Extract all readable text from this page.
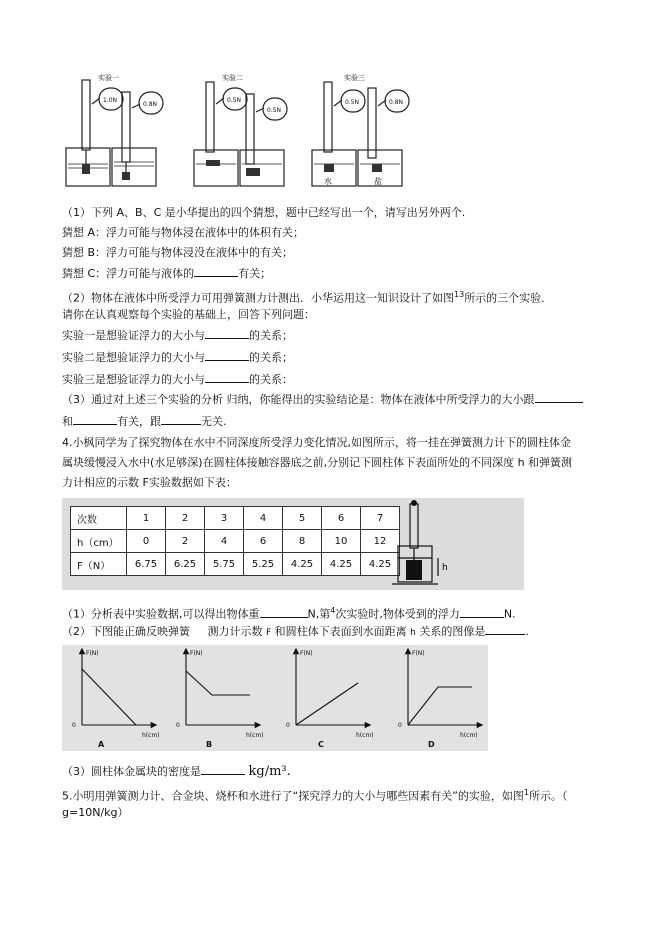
实验一	实验二	实验三
1.0N
0.8N
0.5N
0.5N
0.5N	0.8N
水	盐
（1）下列 A、B、C 是小华提出的四个猜想，题中已经写出一个，请写出另外两个.
猜想 A：浮力可能与物体浸在液体中的体积有关；
猜想 B：浮力可能与物体浸没在液体中的有关；
猜想 C：浮力可能与液体的	有关；
（2）物体在液体中所受浮力可用弹簧测力计测出．小华运用这一知识设计了如图$^{13}$所示的三个实验．
请你在认真观察每个实验的基础上，回答下列问题：
实验一是想验证浮力的大小与	的关系；
实验二是想验证浮力的大小与	的关系；
实验三是想验证浮力的大小与	的关系：
（3）通过对上述三个实验的分析 归纳，你能得出的实验结论是：物体在液体中所受浮力的大小跟
和	有关，跟	无关.
4.小枫同学为了探究物体在水中不同深度所受浮力变化情况,如图所示，将一挂在弹簧测力计下的圆柱体金
属块缓慢浸入水中(水足够深)在圆柱体接触容器底之前,分别记下圆柱体下表面所处的不同深度 h 和弹簧测
力计相应的示数 F实验数据如下表：
次数	1	2	3	4	5	6	7
h（cm）	0	2	4	6	8	10	12
F（N）	6.75	6.25	5.75	5.25	4.25	4.25	4.25	h
（1）分析表中实验数据,可以得出物体重	N,第$^4$次实验时,物体受到的浮力	N.
（2）下图能正确反映弹簧 测力计示数 F 和圆柱体下表面到水面距离 h 关系的图像是	.
F(N)
h(cm)
0
F(N)
h(cm)
0
F(N)
h(cm)
0
F(N)
h(cm)
0
A	B	C	D
（3）圆柱体金属块的密度是	kg/m³.
5.小明用弹簧测力计、合金块、烧杯和水进行了“探究浮力的大小与哪些因素有关”的实验，如图$^1$所示。（
g=10N/kg）
